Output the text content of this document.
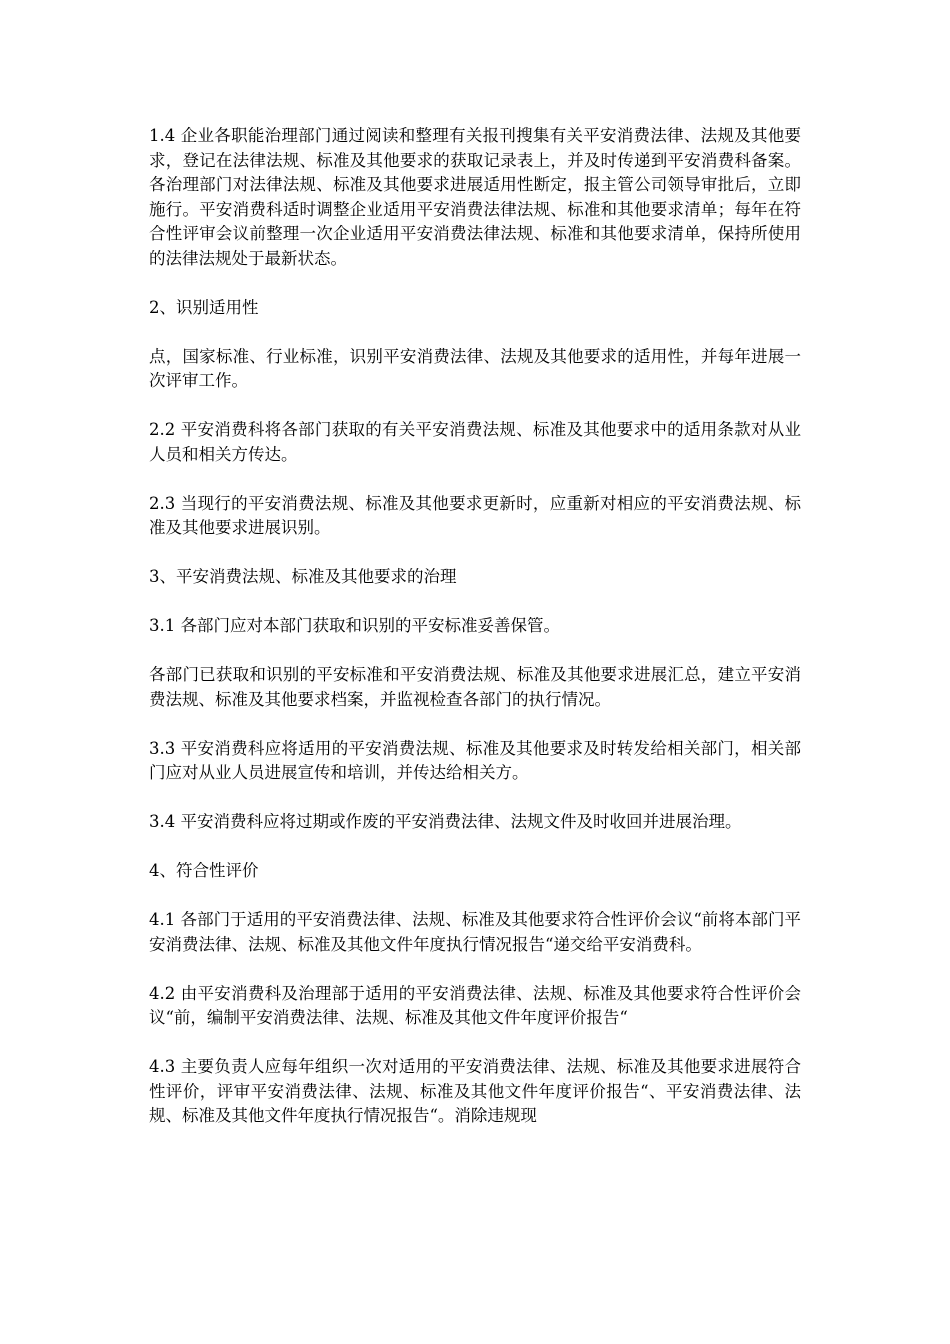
1.4 企业各职能治理部门通过阅读和整理有关报刊搜集有关平安消费法律、法规及其他要求，登记在法律法规、标准及其他要求的获取记录表上，并及时传递到平安消费科备案。各治理部门对法律法规、标准及其他要求进展适用性断定，报主管公司领导审批后，立即施行。平安消费科适时调整企业适用平安消费法律法规、标准和其他要求清单；每年在符合性评审会议前整理一次企业适用平安消费法律法规、标准和其他要求清单，保持所使用的法律法规处于最新状态。

2、识别适用性

点，国家标准、行业标准，识别平安消费法律、法规及其他要求的适用性，并每年进展一次评审工作。

2.2 平安消费科将各部门获取的有关平安消费法规、标准及其他要求中的适用条款对从业人员和相关方传达。

2.3 当现行的平安消费法规、标准及其他要求更新时，应重新对相应的平安消费法规、标准及其他要求进展识别。

3、平安消费法规、标准及其他要求的治理

3.1 各部门应对本部门获取和识别的平安标准妥善保管。

各部门已获取和识别的平安标准和平安消费法规、标准及其他要求进展汇总，建立平安消费法规、标准及其他要求档案，并监视检查各部门的执行情况。

3.3 平安消费科应将适用的平安消费法规、标准及其他要求及时转发给相关部门，相关部门应对从业人员进展宣传和培训，并传达给相关方。

3.4 平安消费科应将过期或作废的平安消费法律、法规文件及时收回并进展治理。

4、符合性评价

4.1 各部门于适用的平安消费法律、法规、标准及其他要求符合性评价会议“前将本部门平安消费法律、法规、标准及其他文件年度执行情况报告“递交给平安消费科。

4.2 由平安消费科及治理部于适用的平安消费法律、法规、标准及其他要求符合性评价会议“前，编制平安消费法律、法规、标准及其他文件年度评价报告“

4.3 主要负责人应每年组织一次对适用的平安消费法律、法规、标准及其他要求进展符合性评价，评审平安消费法律、法规、标准及其他文件年度评价报告“、平安消费法律、法规、标准及其他文件年度执行情况报告“。消除违规现
